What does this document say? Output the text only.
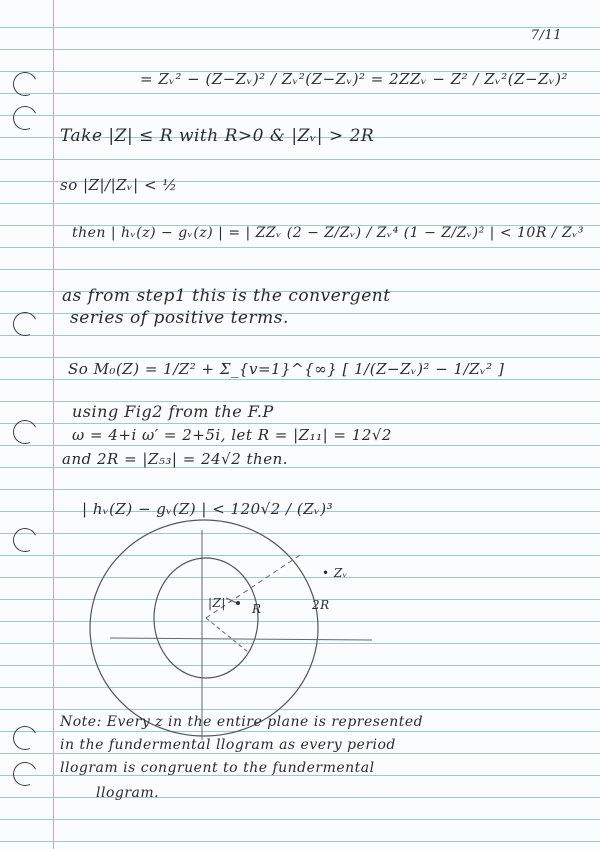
7/11
= Zᵥ² − (Z−Zᵥ)² / Zᵥ²(Z−Zᵥ)² = 2ZZᵥ − Z² / Zᵥ²(Z−Zᵥ)²
Take |Z| ≤ R with R>0 & |Zᵥ| > 2R
so |Z|/|Zᵥ| < ½
then | hᵥ(z) − gᵥ(z) | = | ZZᵥ (2 − Z/Zᵥ) / Zᵥ⁴ (1 − Z/Zᵥ)² | < 10R / Zᵥ³
as from step1 this is the convergent
series of positive terms.
So M₀(Z) = 1/Z² + Σ_{v=1}^{∞} [ 1/(Z−Zᵥ)² − 1/Zᵥ² ]
using Fig2 from the F.P
ω = 4+i ω′ = 2+5i, let R = |Z₁₁| = 12√2
and 2R = |Z₅₃| = 24√2 then.
| hᵥ(Z) − gᵥ(Z) | < 120√2 / (Zᵥ)³
|Z| R	2R
• Zᵥ
Note: Every z in the entire plane is represented
in the fundermental llogram as every period
llogram is congruent to the fundermental
llogram.
